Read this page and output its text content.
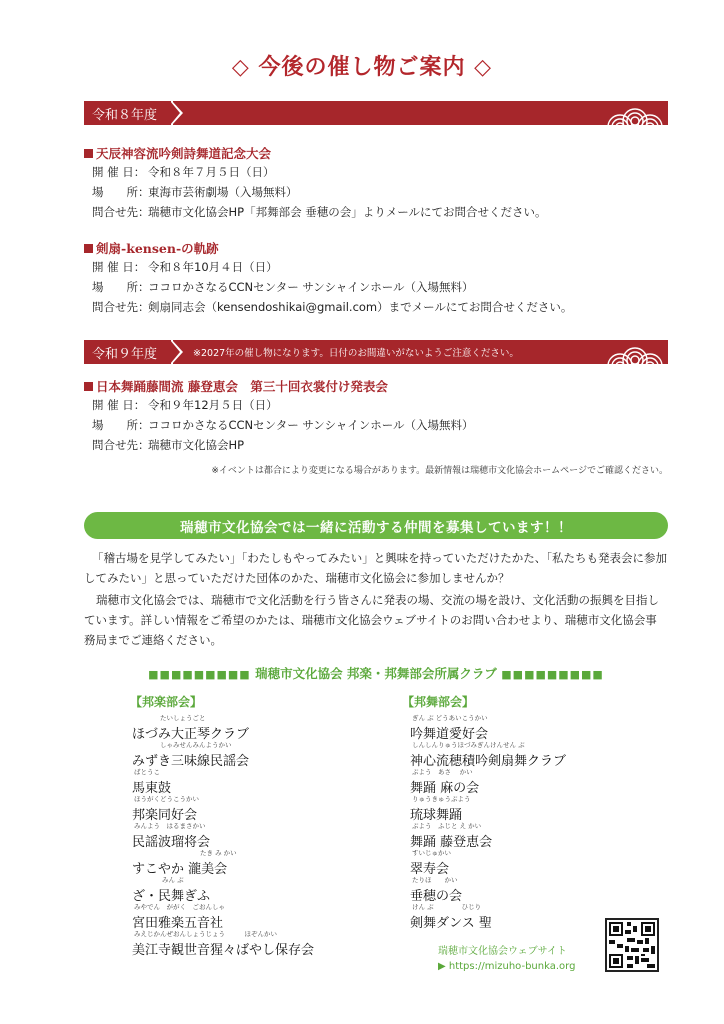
◇ 今後の催し物ご案内 ◇
令和８年度
天辰神容流吟剣詩舞道記念大会
開 催 日： 令和８年７月５日（日）
場　　所：東海市芸術劇場（入場無料）
問合せ先：瑞穂市文化協会HP「邦舞部会 垂穂の会」よりメールにてお問合せください。
剣扇-kensen-の軌跡
開 催 日： 令和８年10月４日（日）
場　　所：ココロかさなるCCNセンター サンシャインホール（入場無料）
問合せ先：剣扇同志会（kensendoshikai@gmail.com）までメールにてお問合せください。
令和９年度	※2027年の催し物になります。日付のお間違いがないようご注意ください。
日本舞踊藤間流 藤登恵会　第三十回衣裳付け発表会
開 催 日： 令和９年12月５日（日）
場　　所：ココロかさなるCCNセンター サンシャインホール（入場無料）
問合せ先：瑞穂市文化協会HP
※イベントは都合により変更になる場合があります。最新情報は瑞穂市文化協会ホームページでご確認ください。
瑞穂市文化協会では一緒に活動する仲間を募集しています！！
「稽古場を見学してみたい」「わたしもやってみたい」と興味を持っていただけたかた、「私たちも発表会に参加してみたい」と思っていただけた団体のかた、瑞穂市文化協会に参加しませんか？
瑞穂市文化協会では、瑞穂市で文化活動を行う皆さんに発表の場、交流の場を設け、文化活動の振興を目指しています。詳しい情報をご希望のかたは、瑞穂市文化協会ウェブサイトのお問い合わせより、瑞穂市文化協会事務局までご連絡ください。
■■■■■■■■■ 瑞穂市文化協会 邦楽・邦舞部会所属クラブ ■■■■■■■■■
【邦楽部会】	【邦舞部会】
たいしょうごと
ほづみ大正琴クラブ
しゃみせんみんようかい
みずき三味線民謡会
ばとうこ
馬東鼓
ほうがくどうこうかい
邦楽同好会
みんよう　はるまさかい
民謡波瑠将会
たき み かい
すこやか 瀧美会
みん ぶ
ざ・民舞ぎふ
みやでん　ががく　ごおんしゃ
宮田雅楽五音社
みえじかんぜおんしょうじょう　　　ほぞんかい
美江寺観世音猩々ばやし保存会
ぎん ぶ どうあいこうかい
吟舞道愛好会
しんしんりゅうほづみぎんけんせん ぶ
神心流穂積吟剣扇舞クラブ
ぶよう　あさ　 かい
舞踊 麻の会
りゅうきゅうぶよう
琉球舞踊
ぶよう　ふじと え かい
舞踊 藤登恵会
すいじゅかい
翠寿会
たりほ　　かい
垂穂の会
けん ぶ　　　　 ひじり
剣舞ダンス 聖
瑞穂市文化協会ウェブサイト
▶ https://mizuho-bunka.org
